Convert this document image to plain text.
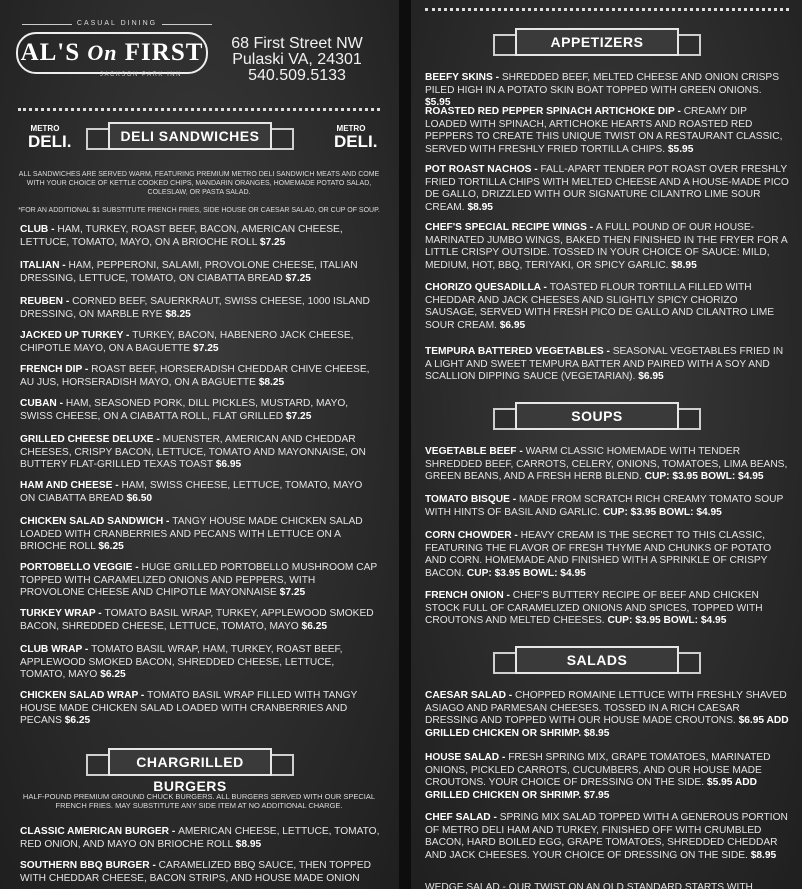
CASUAL DINING
AL'S On FIRST
JACKSON PARK INN
68 First Street NW
Pulaski VA, 24301
540.509.5133
METRO
DELI.	DELI SANDWICHES	METRO
DELI.
ALL SANDWICHES ARE SERVED WARM, FEATURING PREMIUM METRO DELI SANDWICH MEATS AND COME WITH YOUR CHOICE OF KETTLE COOKED CHIPS, MANDARIN ORANGES, HOMEMADE POTATO SALAD, COLESLAW, OR PASTA SALAD.
*FOR AN ADDITIONAL $1 SUBSTITUTE FRENCH FRIES, SIDE HOUSE OR CAESAR SALAD, OR CUP OF SOUP.
CLUB - HAM, TURKEY, ROAST BEEF, BACON, AMERICAN CHEESE, LETTUCE, TOMATO, MAYO, ON A BRIOCHE ROLL $7.25
ITALIAN - HAM, PEPPERONI, SALAMI, PROVOLONE CHEESE, ITALIAN DRESSING, LETTUCE, TOMATO, ON CIABATTA BREAD $7.25
REUBEN - CORNED BEEF, SAUERKRAUT, SWISS CHEESE, 1000 ISLAND DRESSING, ON MARBLE RYE $8.25
JACKED UP TURKEY - TURKEY, BACON, HABENERO JACK CHEESE, CHIPOTLE MAYO, ON A BAGUETTE $7.25
FRENCH DIP - ROAST BEEF, HORSERADISH CHEDDAR CHIVE CHEESE, AU JUS, HORSERADISH MAYO, ON A BAGUETTE $8.25
CUBAN - HAM, SEASONED PORK, DILL PICKLES, MUSTARD, MAYO, SWISS CHEESE, ON A CIABATTA ROLL, FLAT GRILLED $7.25
GRILLED CHEESE DELUXE - MUENSTER, AMERICAN AND CHEDDAR CHEESES, CRISPY BACON, LETTUCE, TOMATO AND MAYONNAISE, ON BUTTERY FLAT-GRILLED TEXAS TOAST $6.95
HAM AND CHEESE - HAM, SWISS CHEESE, LETTUCE, TOMATO, MAYO ON CIABATTA BREAD $6.50
CHICKEN SALAD SANDWICH - TANGY HOUSE MADE CHICKEN SALAD LOADED WITH CRANBERRIES AND PECANS WITH LETTUCE ON A BRIOCHE ROLL $6.25
PORTOBELLO VEGGIE - HUGE GRILLED PORTOBELLO MUSHROOM CAP TOPPED WITH CARAMELIZED ONIONS AND PEPPERS, WITH PROVOLONE CHEESE AND CHIPOTLE MAYONNAISE $7.25
TURKEY WRAP - TOMATO BASIL WRAP, TURKEY, APPLEWOOD SMOKED BACON, SHREDDED CHEESE, LETTUCE, TOMATO, MAYO $6.25
CLUB WRAP - TOMATO BASIL WRAP, HAM, TURKEY, ROAST BEEF, APPLEWOOD SMOKED BACON, SHREDDED CHEESE, LETTUCE, TOMATO, MAYO $6.25
CHICKEN SALAD WRAP - TOMATO BASIL WRAP FILLED WITH TANGY HOUSE MADE CHICKEN SALAD LOADED WITH CRANBERRIES AND PECANS $6.25
CHARGRILLED BURGERS
HALF-POUND PREMIUM GROUND CHUCK BURGERS. ALL BURGERS SERVED WITH OUR SPECIAL FRENCH FRIES. MAY SUBSTITUTE ANY SIDE ITEM AT NO ADDITIONAL CHARGE.
CLASSIC AMERICAN BURGER - AMERICAN CHEESE, LETTUCE, TOMATO, RED ONION, AND MAYO ON BRIOCHE ROLL $8.95
SOUTHERN BBQ BURGER - CARAMELIZED BBQ SAUCE, THEN TOPPED WITH CHEDDAR CHEESE, BACON STRIPS, AND HOUSE MADE ONION
APPETIZERS
BEEFY SKINS - SHREDDED BEEF, MELTED CHEESE AND ONION CRISPS PILED HIGH IN A POTATO SKIN BOAT TOPPED WITH GREEN ONIONS. $5.95
ROASTED RED PEPPER SPINACH ARTICHOKE DIP - CREAMY DIP LOADED WITH SPINACH, ARTICHOKE HEARTS AND ROASTED RED PEPPERS TO CREATE THIS UNIQUE TWIST ON A RESTAURANT CLASSIC, SERVED WITH FRESHLY FRIED TORTILLA CHIPS. $5.95
POT ROAST NACHOS - FALL-APART TENDER POT ROAST OVER FRESHLY FRIED TORTILLA CHIPS WITH MELTED CHEESE AND A HOUSE-MADE PICO DE GALLO, DRIZZLED WITH OUR SIGNATURE CILANTRO LIME SOUR CREAM. $8.95
CHEF'S SPECIAL RECIPE WINGS - A FULL POUND OF OUR HOUSE-MARINATED JUMBO WINGS, BAKED THEN FINISHED IN THE FRYER FOR A LITTLE CRISPY OUTSIDE. TOSSED IN YOUR CHOICE OF SAUCE: MILD, MEDIUM, HOT, BBQ, TERIYAKI, OR SPICY GARLIC. $8.95
CHORIZO QUESADILLA - TOASTED FLOUR TORTILLA FILLED WITH CHEDDAR AND JACK CHEESES AND SLIGHTLY SPICY CHORIZO SAUSAGE, SERVED WITH FRESH PICO DE GALLO AND CILANTRO LIME SOUR CREAM. $6.95
TEMPURA BATTERED VEGETABLES - SEASONAL VEGETABLES FRIED IN A LIGHT AND SWEET TEMPURA BATTER AND PAIRED WITH A SOY AND SCALLION DIPPING SAUCE (VEGETARIAN). $6.95
SOUPS
VEGETABLE BEEF - WARM CLASSIC HOMEMADE WITH TENDER SHREDDED BEEF, CARROTS, CELERY, ONIONS, TOMATOES, LIMA BEANS, GREEN BEANS, AND A FRESH HERB BLEND. CUP: $3.95 BOWL: $4.95
TOMATO BISQUE - MADE FROM SCRATCH RICH CREAMY TOMATO SOUP WITH HINTS OF BASIL AND GARLIC. CUP: $3.95 BOWL: $4.95
CORN CHOWDER - HEAVY CREAM IS THE SECRET TO THIS CLASSIC, FEATURING THE FLAVOR OF FRESH THYME AND CHUNKS OF POTATO AND CORN. HOMEMADE AND FINISHED WITH A SPRINKLE OF CRISPY BACON. CUP: $3.95 BOWL: $4.95
FRENCH ONION - CHEF'S BUTTERY RECIPE OF BEEF AND CHICKEN STOCK FULL OF CARAMELIZED ONIONS AND SPICES, TOPPED WITH CROUTONS AND MELTED CHEESES. CUP: $3.95 BOWL: $4.95
SALADS
CAESAR SALAD - CHOPPED ROMAINE LETTUCE WITH FRESHLY SHAVED ASIAGO AND PARMESAN CHEESES. TOSSED IN A RICH CAESAR DRESSING AND TOPPED WITH OUR HOUSE MADE CROUTONS. $6.95 ADD GRILLED CHICKEN OR SHRIMP. $8.95
HOUSE SALAD - FRESH SPRING MIX, GRAPE TOMATOES, MARINATED ONIONS, PICKLED CARROTS, CUCUMBERS, AND OUR HOUSE MADE CROUTONS. YOUR CHOICE OF DRESSING ON THE SIDE. $5.95 ADD GRILLED CHICKEN OR SHRIMP. $7.95
CHEF SALAD - SPRING MIX SALAD TOPPED WITH A GENEROUS PORTION OF METRO DELI HAM AND TURKEY, FINISHED OFF WITH CRUMBLED BACON, HARD BOILED EGG, GRAPE TOMATOES, SHREDDED CHEDDAR AND JACK CHEESES. YOUR CHOICE OF DRESSING ON THE SIDE. $8.95
WEDGE SALAD - OUR TWIST ON AN OLD STANDARD STARTS WITH
